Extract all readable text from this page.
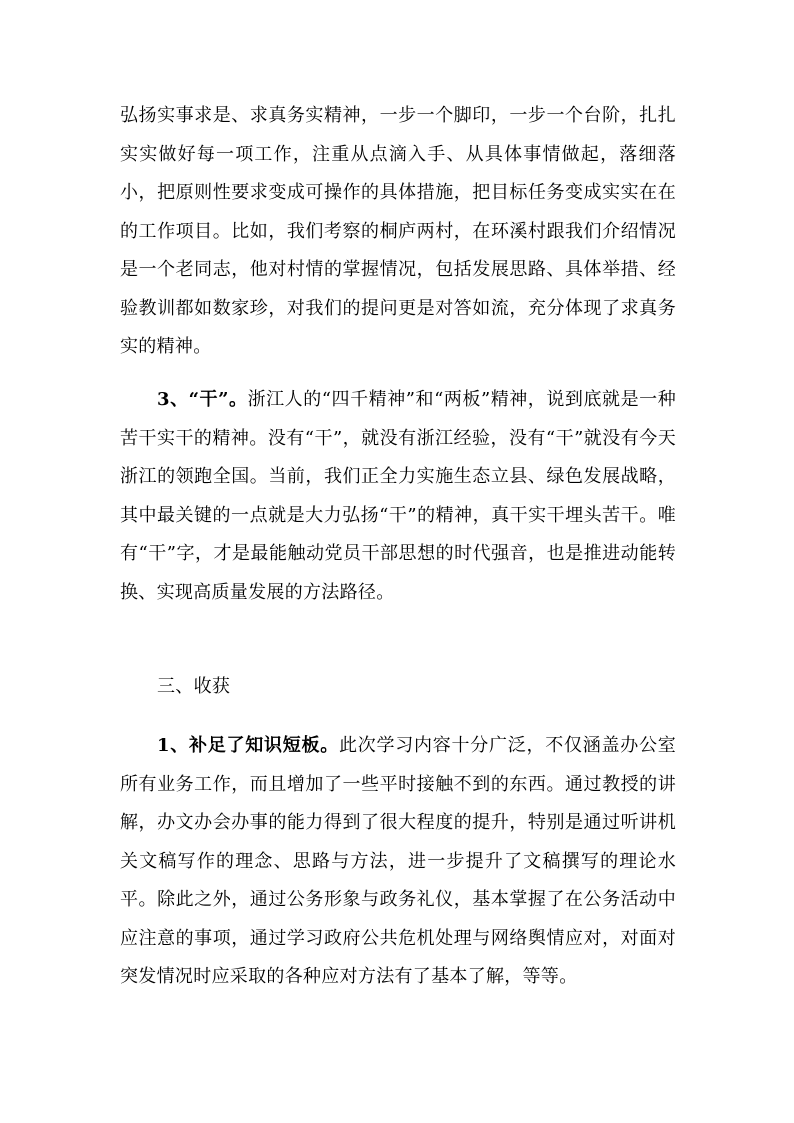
弘扬实事求是、求真务实精神，一步一个脚印，一步一个台阶，扎扎实实做好每一项工作，注重从点滴入手、从具体事情做起，落细落小，把原则性要求变成可操作的具体措施，把目标任务变成实实在在的工作项目。比如，我们考察的桐庐两村，在环溪村跟我们介绍情况是一个老同志，他对村情的掌握情况，包括发展思路、具体举措、经验教训都如数家珍，对我们的提问更是对答如流，充分体现了求真务实的精神。

3、“干”。浙江人的“四千精神”和“两板”精神，说到底就是一种苦干实干的精神。没有“干”，就没有浙江经验，没有“干”就没有今天浙江的领跑全国。当前，我们正全力实施生态立县、绿色发展战略，其中最关键的一点就是大力弘扬“干”的精神，真干实干埋头苦干。唯有“干”字，才是最能触动党员干部思想的时代强音，也是推进动能转换、实现高质量发展的方法路径。

三、收获

1、补足了知识短板。此次学习内容十分广泛，不仅涵盖办公室所有业务工作，而且增加了一些平时接触不到的东西。通过教授的讲解，办文办会办事的能力得到了很大程度的提升，特别是通过听讲机关文稿写作的理念、思路与方法，进一步提升了文稿撰写的理论水平。除此之外，通过公务形象与政务礼仪，基本掌握了在公务活动中应注意的事项，通过学习政府公共危机处理与网络舆情应对，对面对突发情况时应采取的各种应对方法有了基本了解，等等。
